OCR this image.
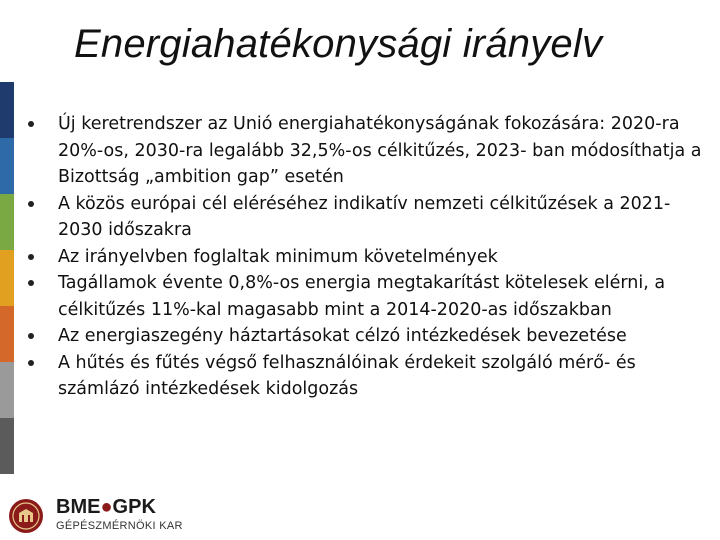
Energiahatékonysági irányelv
Új keretrendszer az Unió energiahatékonyságának fokozására: 2020-ra 20%-os, 2030-ra legalább 32,5%-os célkitűzés, 2023- ban módosíthatja a Bizottság „ambition gap” esetén
A közös európai cél eléréséhez indikatív nemzeti célkitűzések a 2021-2030 időszakra
Az irányelvben foglaltak minimum követelmények
Tagállamok évente 0,8%-os energia megtakarítást kötelesek elérni, a célkitűzés 11%-kal magasabb mint a 2014-2020-as időszakban
Az energiaszegény háztartásokat célzó intézkedések bevezetése
A hűtés és fűtés végső felhasználóinak érdekeit szolgáló mérő- és számlázó intézkedések kidolgozás
BME●GPK
GÉPÉSZMÉRNÖKI KAR
